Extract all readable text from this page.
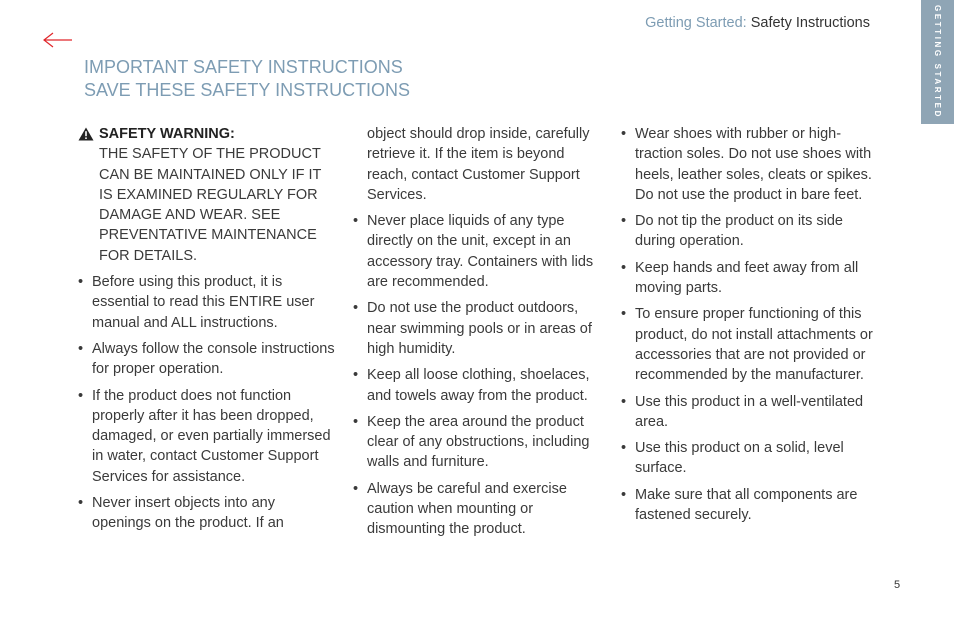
Getting Started: Safety Instructions	GETTING STARTED
IMPORTANT SAFETY INSTRUCTIONS
SAVE THESE SAFETY INSTRUCTIONS
SAFETY WARNING:
THE SAFETY OF THE PRODUCT CAN BE MAINTAINED ONLY IF IT IS EXAMINED REGULARLY FOR DAMAGE AND WEAR. SEE PREVENTATIVE MAINTENANCE FOR DETAILS.
• Before using this product, it is essential to read this ENTIRE user manual and ALL instructions.
• Always follow the console instructions for proper operation.
• If the product does not function properly after it has been dropped, damaged, or even partially immersed in water, contact Customer Support Services for assistance.
• Never insert objects into any openings on the product. If an
object should drop inside, carefully retrieve it. If the item is beyond reach, contact Customer Support Services.
• Never place liquids of any type directly on the unit, except in an accessory tray. Containers with lids are recommended.
• Do not use the product outdoors, near swimming pools or in areas of high humidity.
• Keep all loose clothing, shoelaces, and towels away from the product.
• Keep the area around the product clear of any obstructions, including walls and furniture.
• Always be careful and exercise caution when mounting or dismounting the product.
• Wear shoes with rubber or high-traction soles. Do not use shoes with heels, leather soles, cleats or spikes. Do not use the product in bare feet.
• Do not tip the product on its side during operation.
• Keep hands and feet away from all moving parts.
• To ensure proper functioning of this product, do not install attachments or accessories that are not provided or recommended by the manufacturer.
• Use this product in a well-ventilated area.
• Use this product on a solid, level surface.
• Make sure that all components are fastened securely.
5
